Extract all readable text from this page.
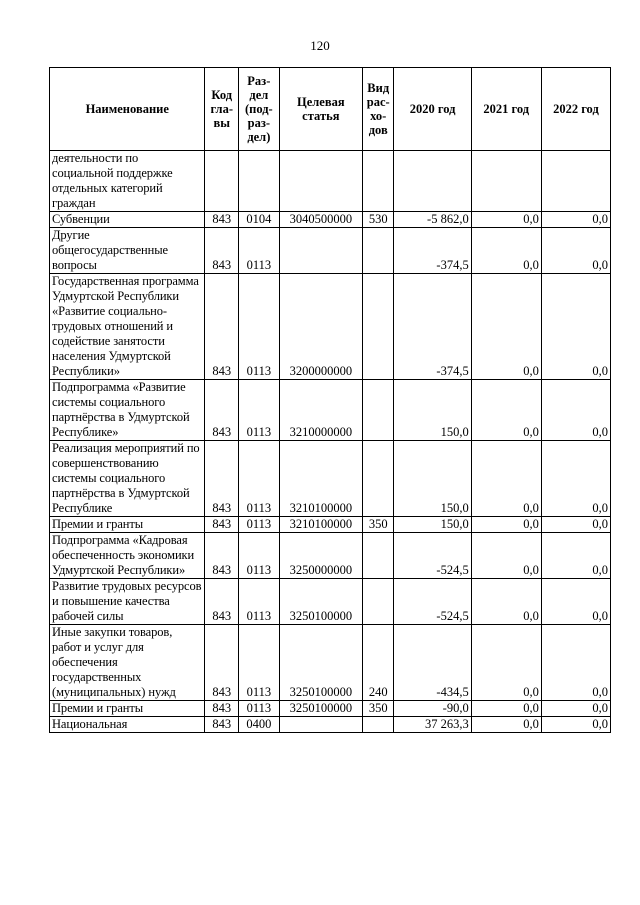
120
Наименование	Код гла- вы	Раз- дел (под- раз- дел)	Целевая статья	Вид рас- хо- дов	2020 год	2021 год	2022 год
деятельности по социальной поддержке отдельных категорий граждан							
Субвенции	843	0104	3040500000	530	-5 862,0	0,0	0,0
Другие общегосударственные вопросы	843	0113			-374,5	0,0	0,0
Государственная программа Удмуртской Республики «Развитие социально-трудовых отношений и содействие занятости населения Удмуртской Республики»	843	0113	3200000000		-374,5	0,0	0,0
Подпрограмма «Развитие системы социального партнёрства в Удмуртской Республике»	843	0113	3210000000		150,0	0,0	0,0
Реализация мероприятий по совершенствованию системы социального партнёрства в Удмуртской Республике	843	0113	3210100000		150,0	0,0	0,0
Премии и гранты	843	0113	3210100000	350	150,0	0,0	0,0
Подпрограмма «Кадровая обеспеченность экономики Удмуртской Республики»	843	0113	3250000000		-524,5	0,0	0,0
Развитие трудовых ресурсов и повышение качества рабочей силы	843	0113	3250100000		-524,5	0,0	0,0
Иные закупки товаров, работ и услуг для обеспечения государственных (муниципальных) нужд	843	0113	3250100000	240	-434,5	0,0	0,0
Премии и гранты	843	0113	3250100000	350	-90,0	0,0	0,0
Национальная	843	0400			37 263,3	0,0	0,0
